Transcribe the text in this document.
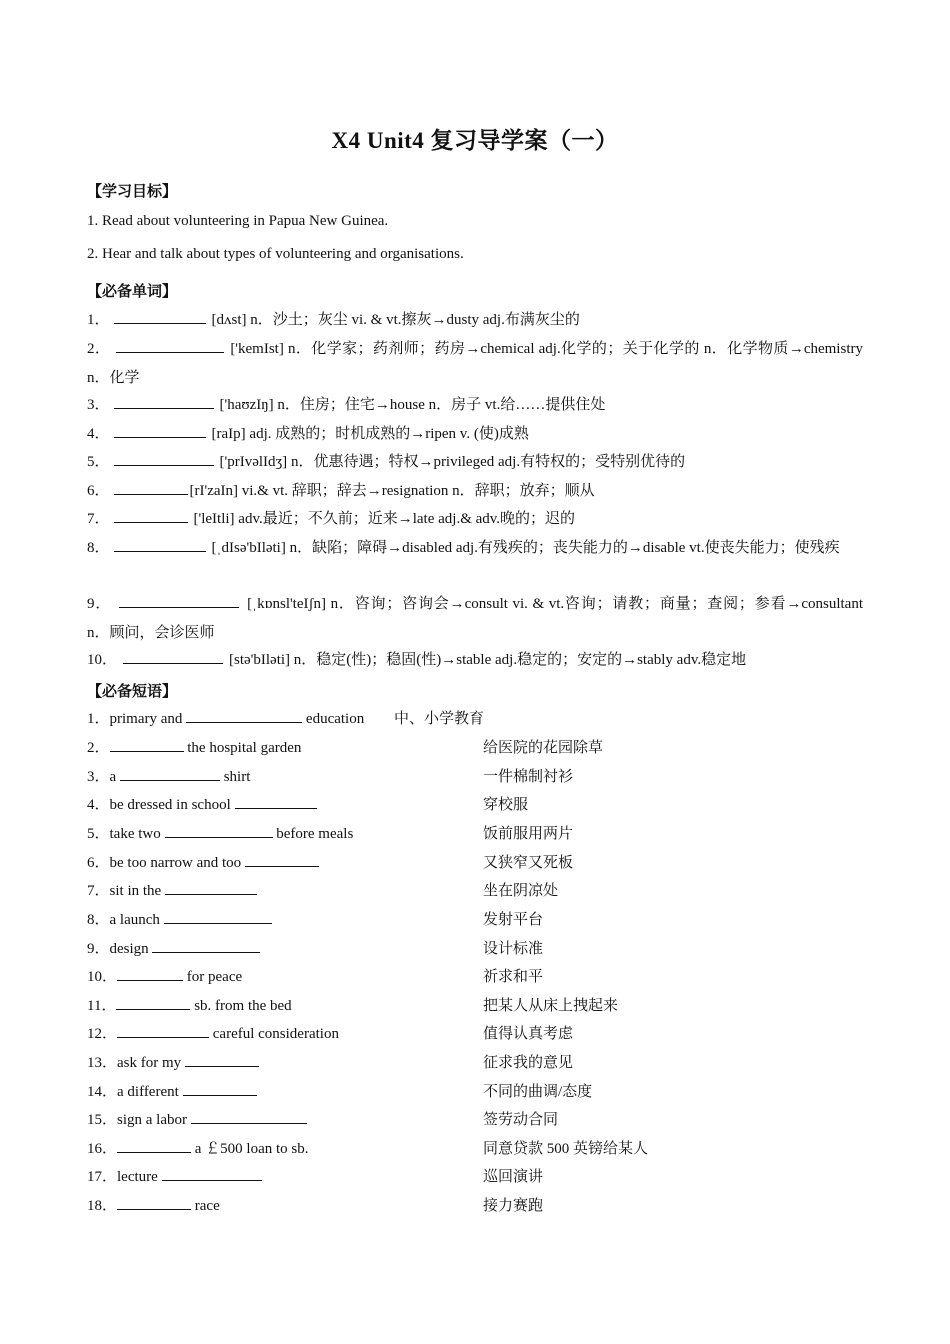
X4 Unit4 复习导学案（一）
【学习目标】
1. Read about volunteering in Papua New Guinea.
2. Hear and talk about types of volunteering and organisations.
【必备单词】
1．	[dʌst] n．沙土；灰尘 vi. & vt.擦灰→dusty adj.布满灰尘的
2．	['kemIst] n．化学家；药剂师；药房→chemical adj.化学的；关于化学的 n．化学物质→chemistry n．化学
3．	['haʊzIŋ] n．住房；住宅→house n．房子 vt.给……提供住处
4．	[raIp] adj. 成熟的；时机成熟的→ripen v. (使)成熟
5．	['prIvəlIdʒ] n．优惠待遇；特权→privileged adj.有特权的；受特别优待的
6．	[rI'zaIn] vi.& vt. 辞职；辞去→resignation n．辞职；放弃；顺从
7．	['leItli] adv.最近；不久前；近来→late adj.& adv.晚的；迟的
8．	[ˌdIsə'bIləti] n．缺陷；障碍→disabled adj.有残疾的；丧失能力的→disable vt.使丧失能力；使残疾
9．	[ˌkɒnsl'teIʃn] n．咨询；咨询会→consult vi. & vt.咨询；请教；商量；查阅；参看→consultant n．顾问，会诊医师
10．	[stə'bIləti] n．稳定(性)；稳固(性)→stable adj.稳定的；安定的→stably adv.稳定地
【必备短语】
1．primary and	education 中、小学教育
2．	the hospital garden	给医院的花园除草
3．a	shirt	一件棉制衬衫
4．be dressed in school	穿校服
5．take two	before meals	饭前服用两片
6．be too narrow and too	又狭窄又死板
7．sit in the	坐在阴凉处
8．a launch	发射平台
9．design	设计标准
10．	for peace	祈求和平
11．	sb. from the bed	把某人从床上拽起来
12．	careful consideration	值得认真考虑
13．ask for my	征求我的意见
14．a different	不同的曲调/态度
15．sign a labor	签劳动合同
16．	a ￡500 loan to sb.	同意贷款 500 英镑给某人
17．lecture	巡回演讲
18．	race	接力赛跑
